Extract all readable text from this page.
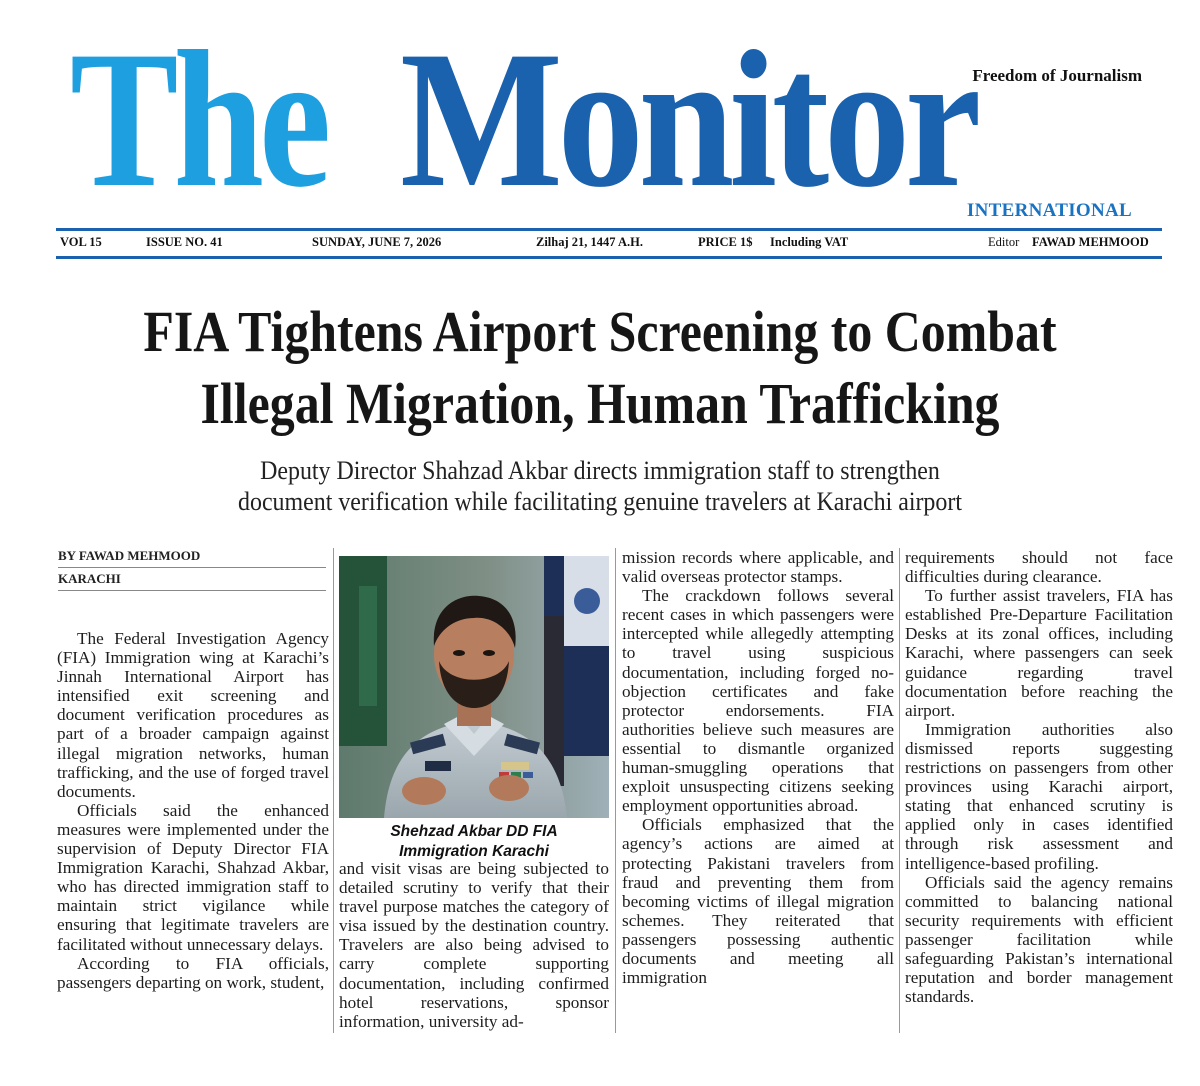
The Monitor
Freedom of Journalism
INTERNATIONAL
VOL 15	ISSUE NO. 41	SUNDAY, JUNE 7, 2026	Zilhaj 21, 1447 A.H.	PRICE 1$ Including VAT	Editor FAWAD MEHMOOD
FIA Tightens Airport Screening to Combat
Illegal Migration, Human Trafficking
Deputy Director Shahzad Akbar directs immigration staff to strengthen
document verification while facilitating genuine travelers at Karachi airport
BY FAWAD MEHMOOD
KARACHI

The Federal Investigation Agency (FIA) Immigration wing at Karachi’s Jinnah International Airport has intensified exit screening and document verification procedures as part of a broader campaign against illegal migration networks, human trafficking, and the use of forged travel documents.

Officials said the enhanced measures were implemented under the supervision of Deputy Director FIA Immigration Karachi, Shahzad Akbar, who has directed immigration staff to maintain strict vigilance while ensuring that legitimate travelers are facilitated without unnecessary delays.

According to FIA officials, passengers departing on work, student,

Shehzad Akbar DD FIA
Immigration Karachi

and visit visas are being subjected to detailed scrutiny to verify that their travel purpose matches the category of visa issued by the destination country. Travelers are also being advised to carry complete supporting documentation, including confirmed hotel reservations, sponsor information, university ad-

mission records where applicable, and valid overseas protector stamps.

The crackdown follows several recent cases in which passengers were intercepted while allegedly attempting to travel using suspicious documentation, including forged no-objection certificates and fake protector endorsements. FIA authorities believe such measures are essential to dismantle organized human-smuggling operations that exploit unsuspecting citizens seeking employment opportunities abroad.

Officials emphasized that the agency’s actions are aimed at protecting Pakistani travelers from fraud and preventing them from becoming victims of illegal migration schemes. They reiterated that passengers possessing authentic documents and meeting all immigration

requirements should not face difficulties during clearance.

To further assist travelers, FIA has established Pre-Departure Facilitation Desks at its zonal offices, including Karachi, where passengers can seek guidance regarding travel documentation before reaching the airport.

Immigration authorities also dismissed reports suggesting restrictions on passengers from other provinces using Karachi airport, stating that enhanced scrutiny is applied only in cases identified through risk assessment and intelligence-based profiling.

Officials said the agency remains committed to balancing national security requirements with efficient passenger facilitation while safeguarding Pakistan’s international reputation and border management standards.
